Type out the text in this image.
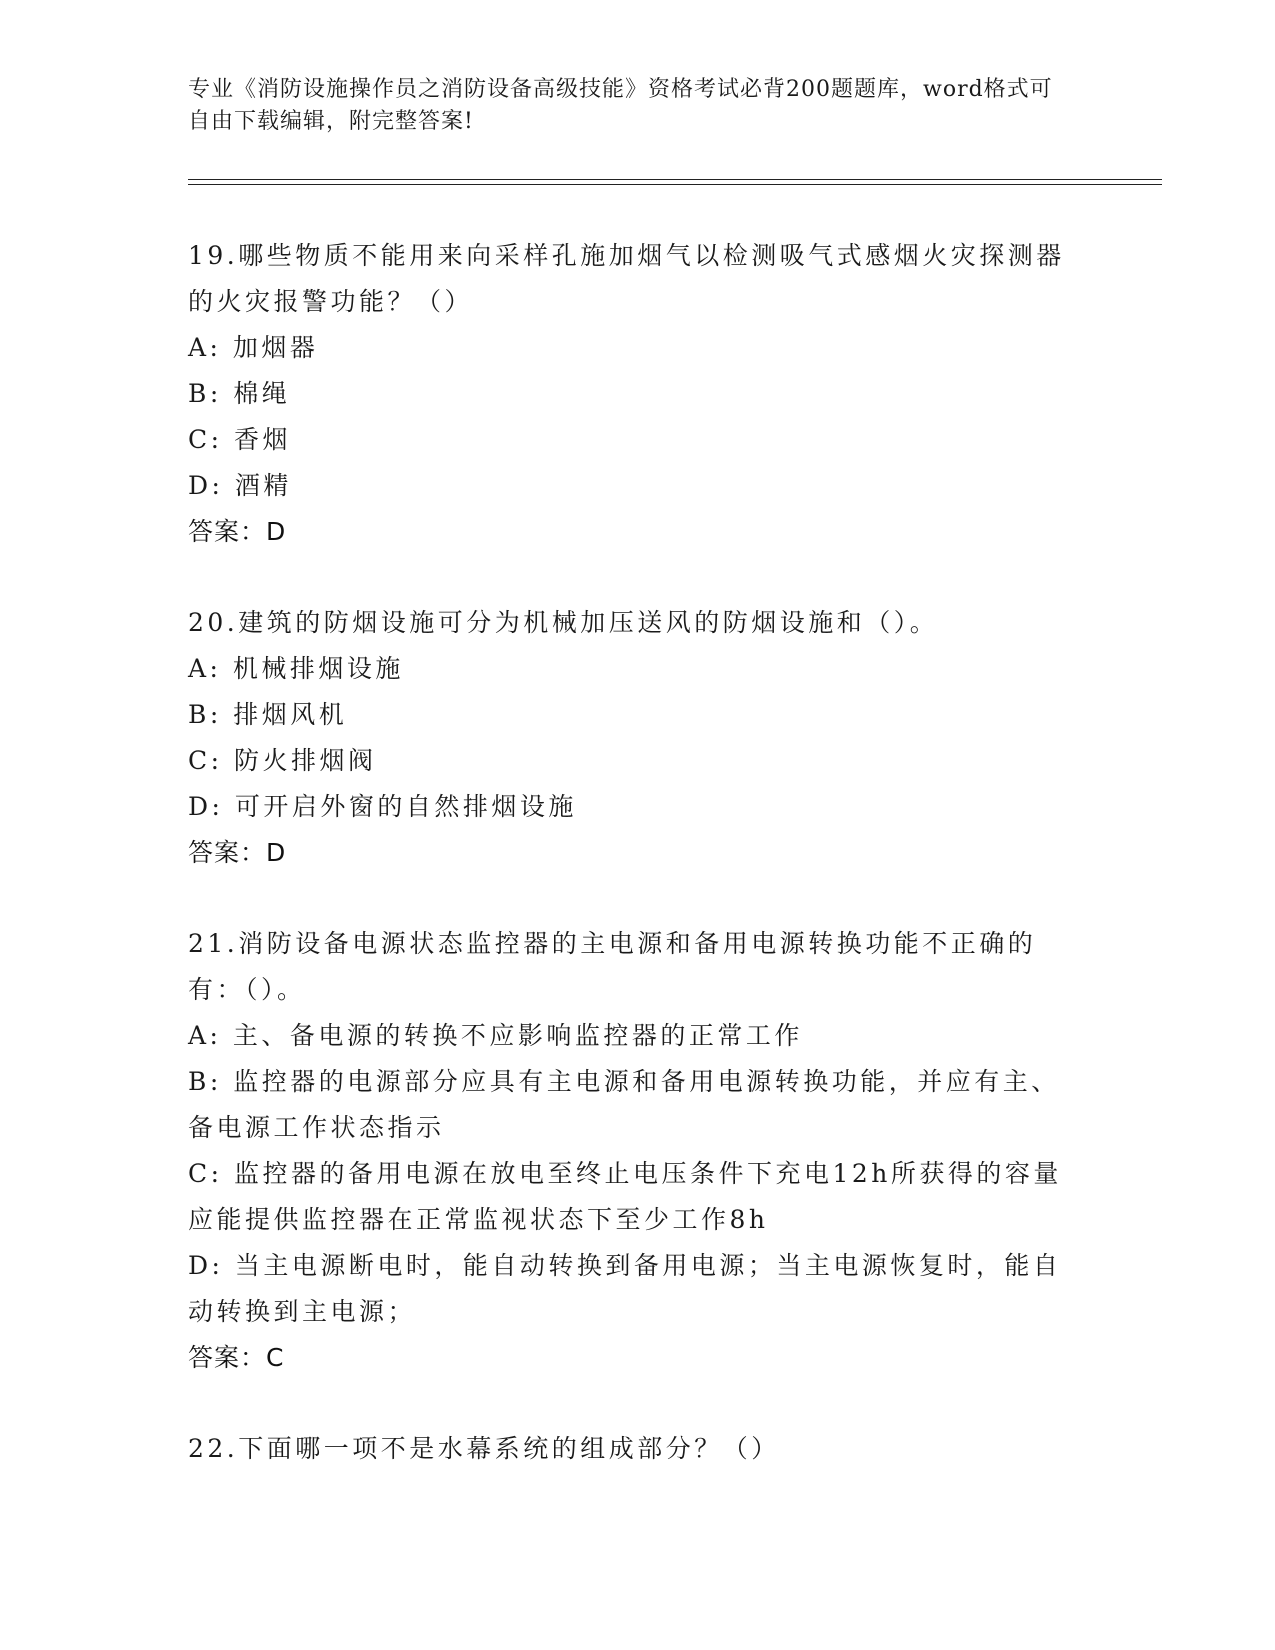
专业《消防设施操作员之消防设备高级技能》资格考试必背200题题库，word格式可自由下载编辑，附完整答案!

19.哪些物质不能用来向采样孔施加烟气以检测吸气式感烟火灾探测器的火灾报警功能？（）

A: 加烟器

B: 棉绳

C: 香烟

D: 酒精

答案：D

20.建筑的防烟设施可分为机械加压送风的防烟设施和（）。

A: 机械排烟设施

B: 排烟风机

C: 防火排烟阀

D: 可开启外窗的自然排烟设施

答案：D

21.消防设备电源状态监控器的主电源和备用电源转换功能不正确的有：（）。

A: 主、备电源的转换不应影响监控器的正常工作

B: 监控器的电源部分应具有主电源和备用电源转换功能，并应有主、备电源工作状态指示

C: 监控器的备用电源在放电至终止电压条件下充电12h所获得的容量应能提供监控器在正常监视状态下至少工作8h

D: 当主电源断电时，能自动转换到备用电源；当主电源恢复时，能自动转换到主电源；

答案：C

22.下面哪一项不是水幕系统的组成部分？（）
